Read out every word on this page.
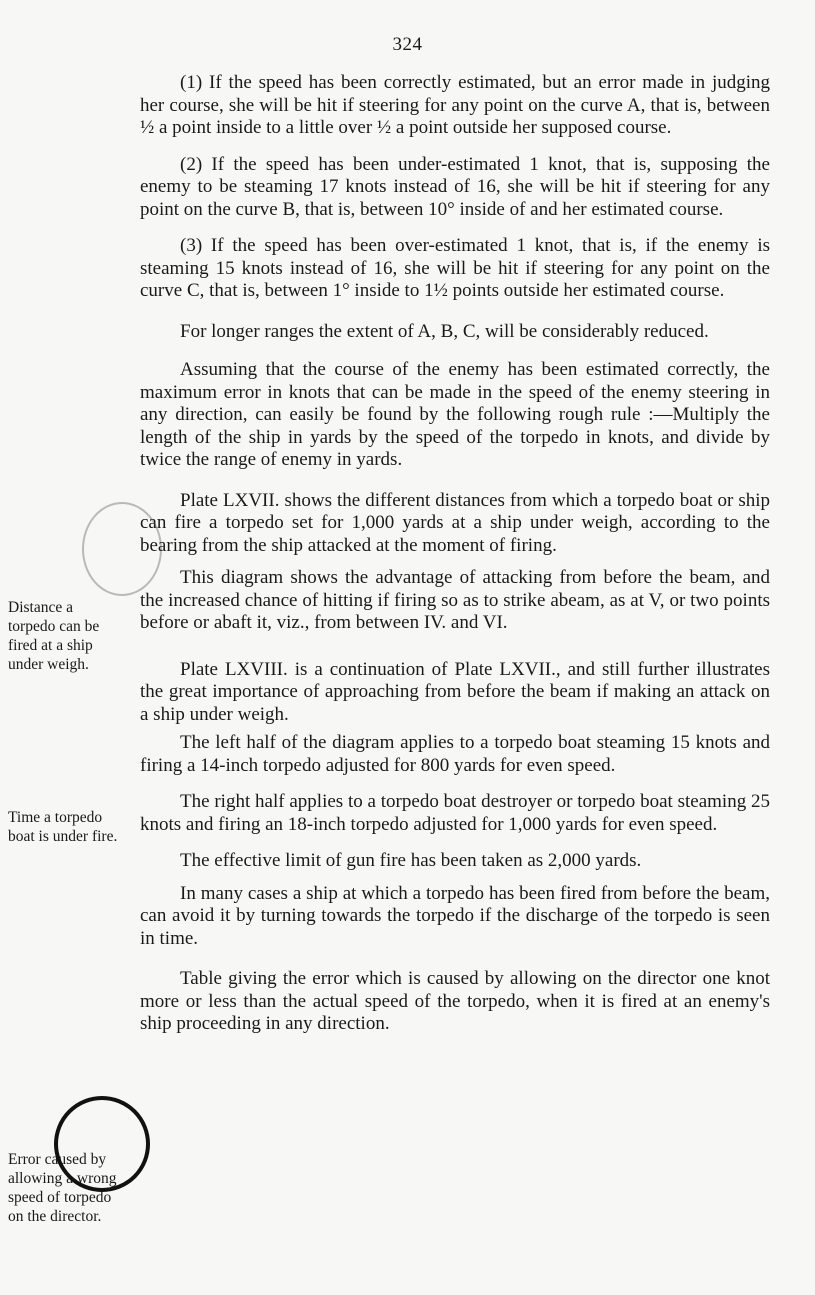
324

(1) If the speed has been correctly estimated, but an error made in judging her course, she will be hit if steering for any point on the curve A, that is, between ½ a point inside to a little over ½ a point outside her supposed course.

(2) If the speed has been under-estimated 1 knot, that is, supposing the enemy to be steaming 17 knots instead of 16, she will be hit if steering for any point on the curve B, that is, between 10° inside of and her estimated course.

(3) If the speed has been over-estimated 1 knot, that is, if the enemy is steaming 15 knots instead of 16, she will be hit if steering for any point on the curve C, that is, between 1° inside to 1½ points outside her estimated course.

For longer ranges the extent of A, B, C, will be considerably reduced.

Assuming that the course of the enemy has been estimated correctly, the maximum error in knots that can be made in the speed of the enemy steering in any direction, can easily be found by the following rough rule :—Multiply the length of the ship in yards by the speed of the torpedo in knots, and divide by twice the range of enemy in yards.

Plate LXVII. shows the different distances from which a torpedo boat or ship can fire a torpedo set for 1,000 yards at a ship under weigh, according to the bearing from the ship attacked at the moment of firing.

This diagram shows the advantage of attacking from before the beam, and the increased chance of hitting if firing so as to strike abeam, as at V, or two points before or abaft it, viz., from between IV. and VI.

Plate LXVIII. is a continuation of Plate LXVII., and still further illustrates the great importance of approaching from before the beam if making an attack on a ship under weigh.

The left half of the diagram applies to a torpedo boat steaming 15 knots and firing a 14-inch torpedo adjusted for 800 yards for even speed.

The right half applies to a torpedo boat destroyer or torpedo boat steaming 25 knots and firing an 18-inch torpedo adjusted for 1,000 yards for even speed.

The effective limit of gun fire has been taken as 2,000 yards.

In many cases a ship at which a torpedo has been fired from before the beam, can avoid it by turning towards the torpedo if the discharge of the torpedo is seen in time.

Table giving the error which is caused by allowing on the director one knot more or less than the actual speed of the torpedo, when it is fired at an enemy's ship proceeding in any direction.

Distance a torpedo can be fired at a ship under weigh.
Time a torpedo boat is under fire.
Error caused by allowing a wrong speed of torpedo on the director.
